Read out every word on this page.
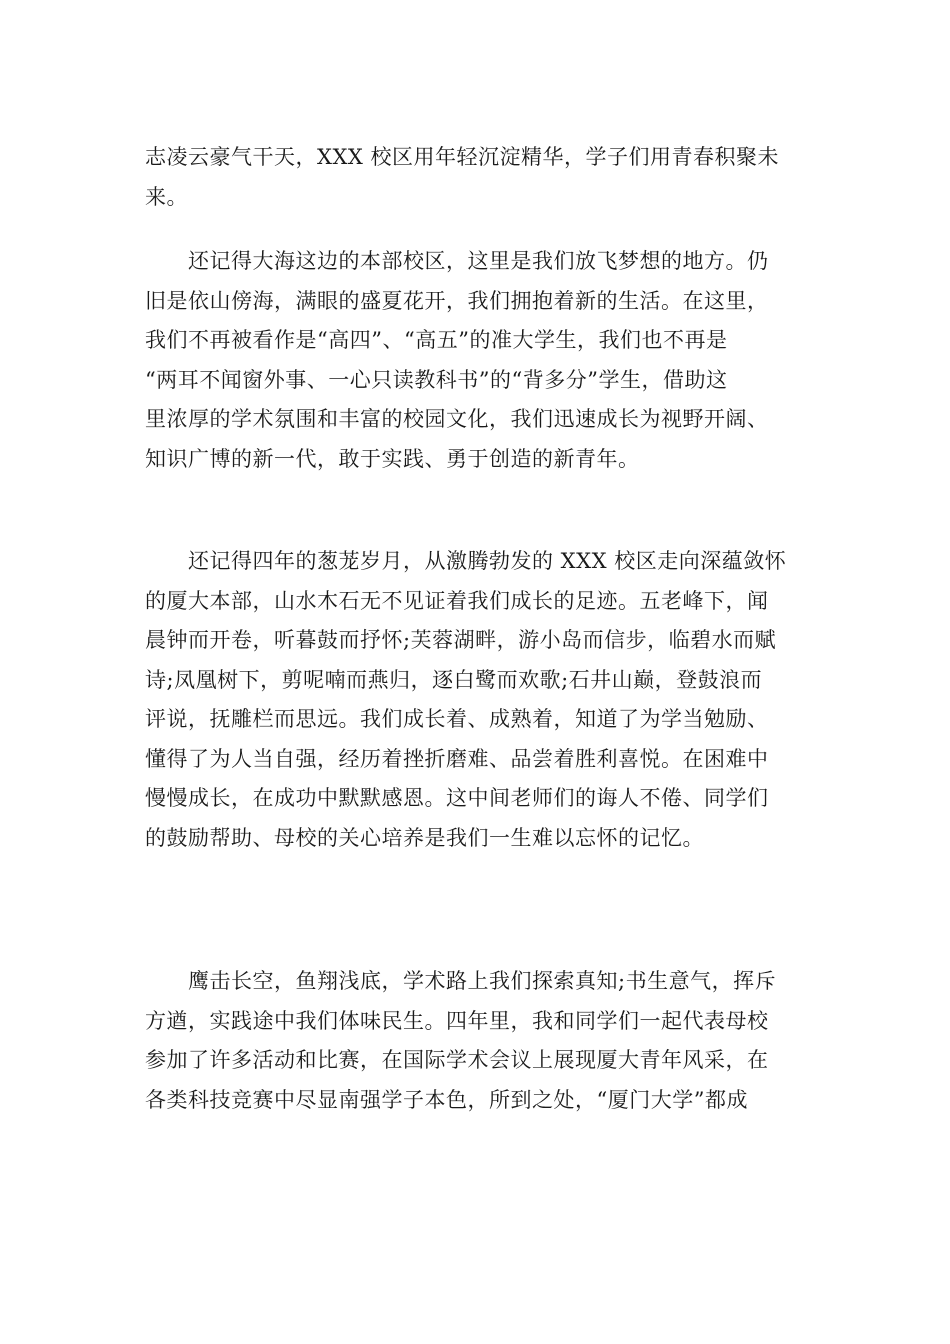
志凌云豪气干天，XXX 校区用年轻沉淀精华，学子们用青春积聚未
来。
　　还记得大海这边的本部校区，这里是我们放飞梦想的地方。仍
旧是依山傍海，满眼的盛夏花开，我们拥抱着新的生活。在这里，
我们不再被看作是“高四”、“高五”的准大学生，我们也不再是
“两耳不闻窗外事、一心只读教科书”的“背多分”学生，借助这
里浓厚的学术氛围和丰富的校园文化，我们迅速成长为视野开阔、
知识广博的新一代，敢于实践、勇于创造的新青年。
　　还记得四年的葱茏岁月，从激腾勃发的 XXX 校区走向深蕴敛怀
的厦大本部，山水木石无不见证着我们成长的足迹。五老峰下，闻
晨钟而开卷，听暮鼓而抒怀;芙蓉湖畔，游小岛而信步，临碧水而赋
诗;凤凰树下，剪呢喃而燕归，逐白鹭而欢歌;石井山巅，登鼓浪而
评说，抚雕栏而思远。我们成长着、成熟着，知道了为学当勉励、
懂得了为人当自强，经历着挫折磨难、品尝着胜利喜悦。在困难中
慢慢成长，在成功中默默感恩。这中间老师们的诲人不倦、同学们
的鼓励帮助、母校的关心培养是我们一生难以忘怀的记忆。
　　鹰击长空，鱼翔浅底，学术路上我们探索真知;书生意气，挥斥
方遒，实践途中我们体味民生。四年里，我和同学们一起代表母校
参加了许多活动和比赛，在国际学术会议上展现厦大青年风采，在
各类科技竞赛中尽显南强学子本色，所到之处，“厦门大学”都成
